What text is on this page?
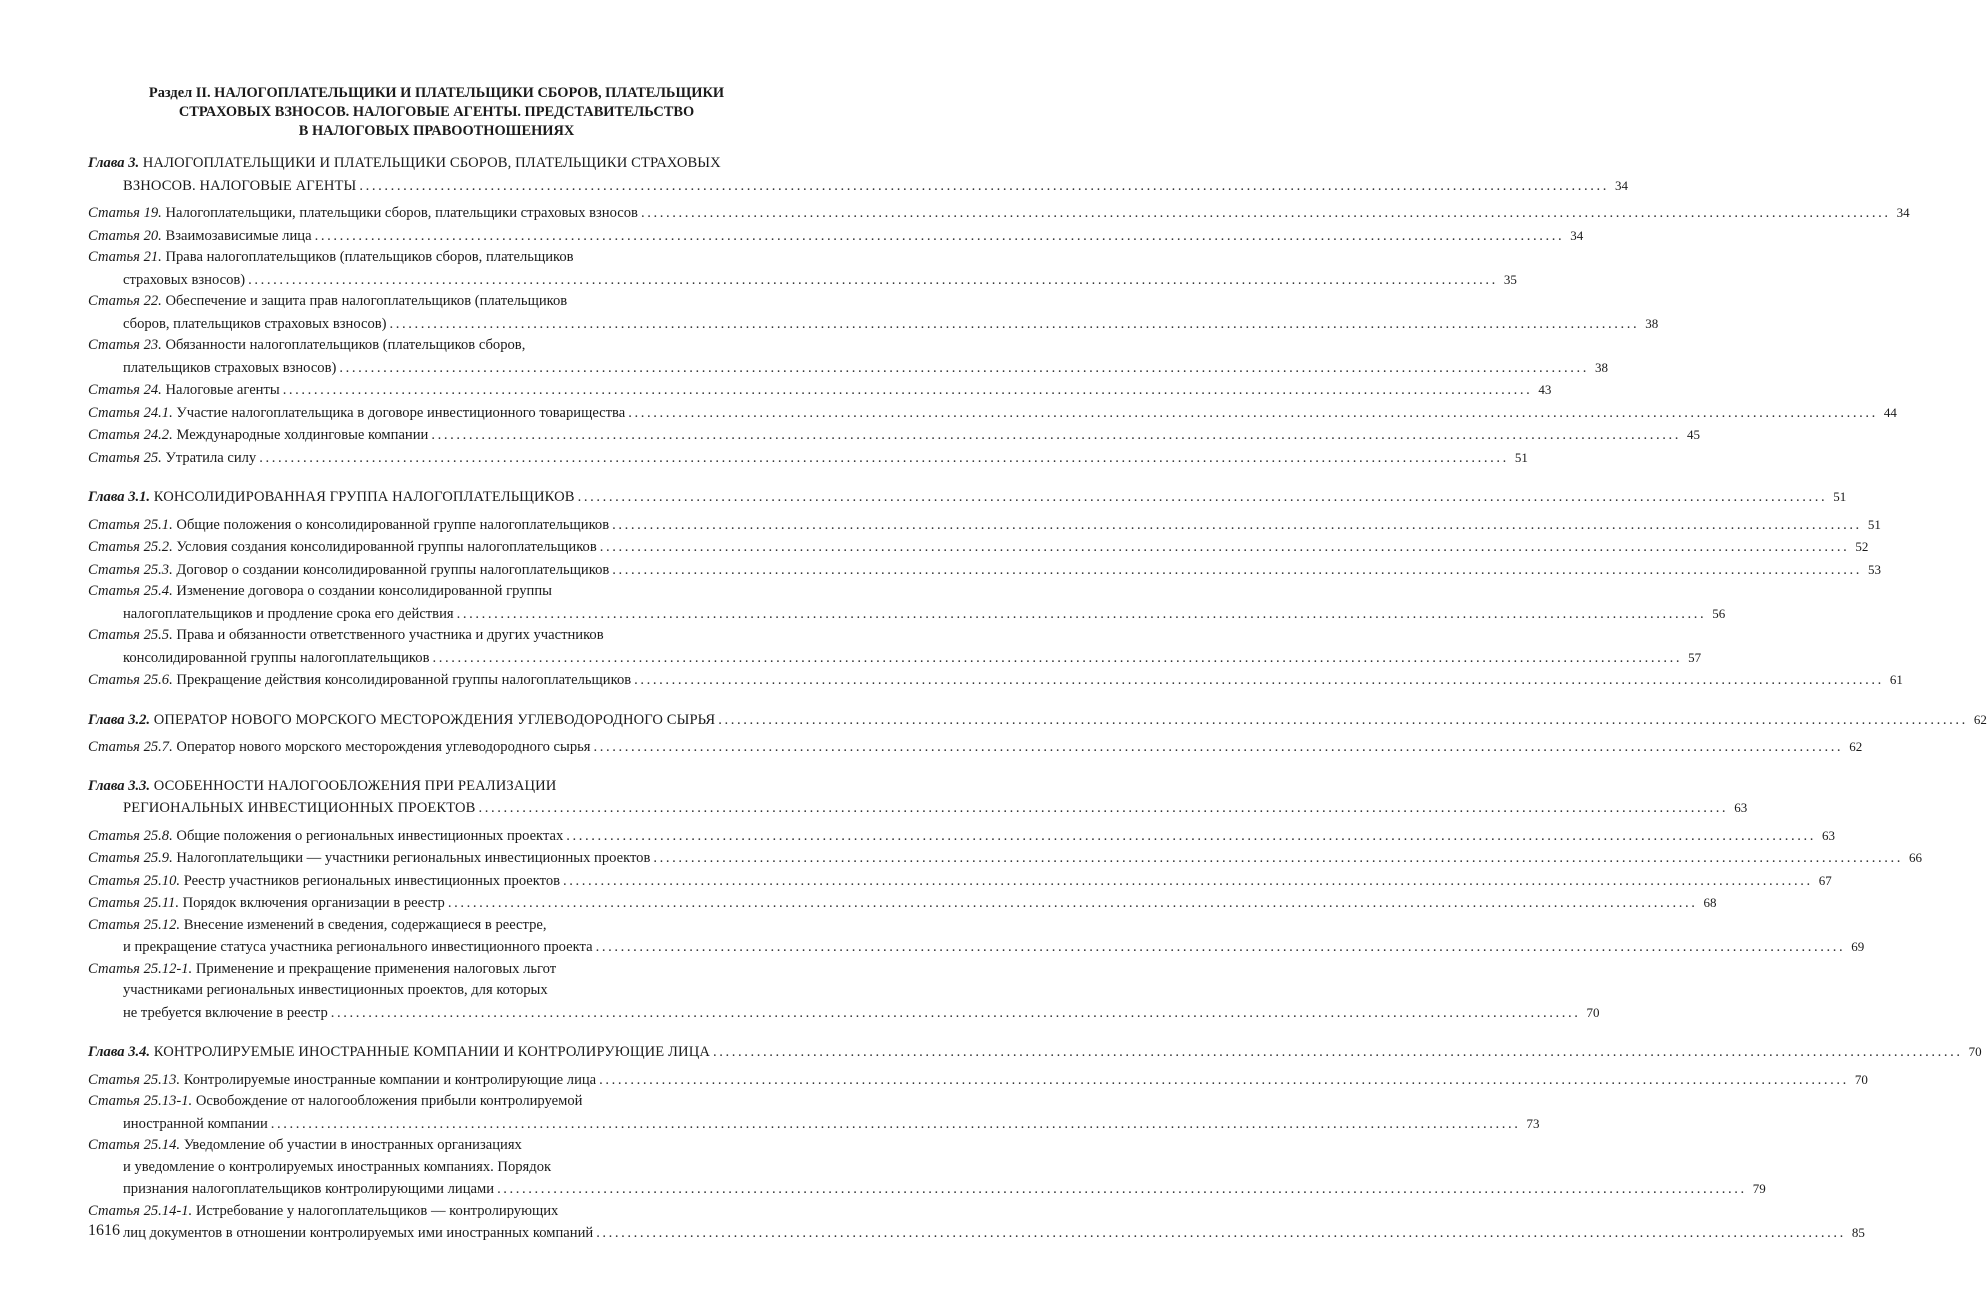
Раздел II. НАЛОГОПЛАТЕЛЬЩИКИ И ПЛАТЕЛЬЩИКИ СБОРОВ, ПЛАТЕЛЬЩИКИ
СТРАХОВЫХ ВЗНОСОВ. НАЛОГОВЫЕ АГЕНТЫ. ПРЕДСТАВИТЕЛЬСТВО
В НАЛОГОВЫХ ПРАВООТНОШЕНИЯХ
Глава 3. НАЛОГОПЛАТЕЛЬЩИКИ И ПЛАТЕЛЬЩИКИ СБОРОВ, ПЛАТЕЛЬЩИКИ СТРАХОВЫХ
ВЗНОСОВ. НАЛОГОВЫЕ АГЕНТЫ ........................................................................................................................................................................................................ 34
Статья 19. Налогоплательщики, плательщики сборов, плательщики страховых взносов ........................................................................................................................................................................................................ 34
Статья 20. Взаимозависимые лица ........................................................................................................................................................................................................ 34
Статья 21. Права налогоплательщиков (плательщиков сборов, плательщиков
страховых взносов) ........................................................................................................................................................................................................ 35
Статья 22. Обеспечение и защита прав налогоплательщиков (плательщиков
сборов, плательщиков страховых взносов) ........................................................................................................................................................................................................ 38
Статья 23. Обязанности налогоплательщиков (плательщиков сборов,
плательщиков страховых взносов) ........................................................................................................................................................................................................ 38
Статья 24. Налоговые агенты ........................................................................................................................................................................................................ 43
Статья 24.1. Участие налогоплательщика в договоре инвестиционного товарищества ........................................................................................................................................................................................................ 44
Статья 24.2. Международные холдинговые компании ........................................................................................................................................................................................................ 45
Статья 25. Утратила силу ........................................................................................................................................................................................................ 51
Глава 3.1. КОНСОЛИДИРОВАННАЯ ГРУППА НАЛОГОПЛАТЕЛЬЩИКОВ ........................................................................................................................................................................................................ 51
Статья 25.1. Общие положения о консолидированной группе налогоплательщиков ........................................................................................................................................................................................................ 51
Статья 25.2. Условия создания консолидированной группы налогоплательщиков ........................................................................................................................................................................................................ 52
Статья 25.3. Договор о создании консолидированной группы налогоплательщиков ........................................................................................................................................................................................................ 53
Статья 25.4. Изменение договора о создании консолидированной группы
налогоплательщиков и продление срока его действия ........................................................................................................................................................................................................ 56
Статья 25.5. Права и обязанности ответственного участника и других участников
консолидированной группы налогоплательщиков ........................................................................................................................................................................................................ 57
Статья 25.6. Прекращение действия консолидированной группы налогоплательщиков ........................................................................................................................................................................................................ 61
Глава 3.2. ОПЕРАТОР НОВОГО МОРСКОГО МЕСТОРОЖДЕНИЯ УГЛЕВОДОРОДНОГО СЫРЬЯ ........................................................................................................................................................................................................ 62
Статья 25.7. Оператор нового морского месторождения углеводородного сырья ........................................................................................................................................................................................................ 62
Глава 3.3. ОСОБЕННОСТИ НАЛОГООБЛОЖЕНИЯ ПРИ РЕАЛИЗАЦИИ
РЕГИОНАЛЬНЫХ ИНВЕСТИЦИОННЫХ ПРОЕКТОВ ........................................................................................................................................................................................................ 63
Статья 25.8. Общие положения о региональных инвестиционных проектах ........................................................................................................................................................................................................ 63
Статья 25.9. Налогоплательщики — участники региональных инвестиционных проектов ........................................................................................................................................................................................................ 66
Статья 25.10. Реестр участников региональных инвестиционных проектов ........................................................................................................................................................................................................ 67
Статья 25.11. Порядок включения организации в реестр ........................................................................................................................................................................................................ 68
Статья 25.12. Внесение изменений в сведения, содержащиеся в реестре,
и прекращение статуса участника регионального инвестиционного проекта ........................................................................................................................................................................................................ 69
Статья 25.12-1. Применение и прекращение применения налоговых льгот
участниками региональных инвестиционных проектов, для которых
не требуется включение в реестр ........................................................................................................................................................................................................ 70
Глава 3.4. КОНТРОЛИРУЕМЫЕ ИНОСТРАННЫЕ КОМПАНИИ И КОНТРОЛИРУЮЩИЕ ЛИЦА ........................................................................................................................................................................................................ 70
Статья 25.13. Контролируемые иностранные компании и контролирующие лица ........................................................................................................................................................................................................ 70
Статья 25.13-1. Освобождение от налогообложения прибыли контролируемой
иностранной компании ........................................................................................................................................................................................................ 73
Статья 25.14. Уведомление об участии в иностранных организациях
и уведомление о контролируемых иностранных компаниях. Порядок
признания налогоплательщиков контролирующими лицами ........................................................................................................................................................................................................ 79
Статья 25.14-1. Истребование у налогоплательщиков — контролирующих
лиц документов в отношении контролируемых ими иностранных компаний ........................................................................................................................................................................................................ 85
1616
